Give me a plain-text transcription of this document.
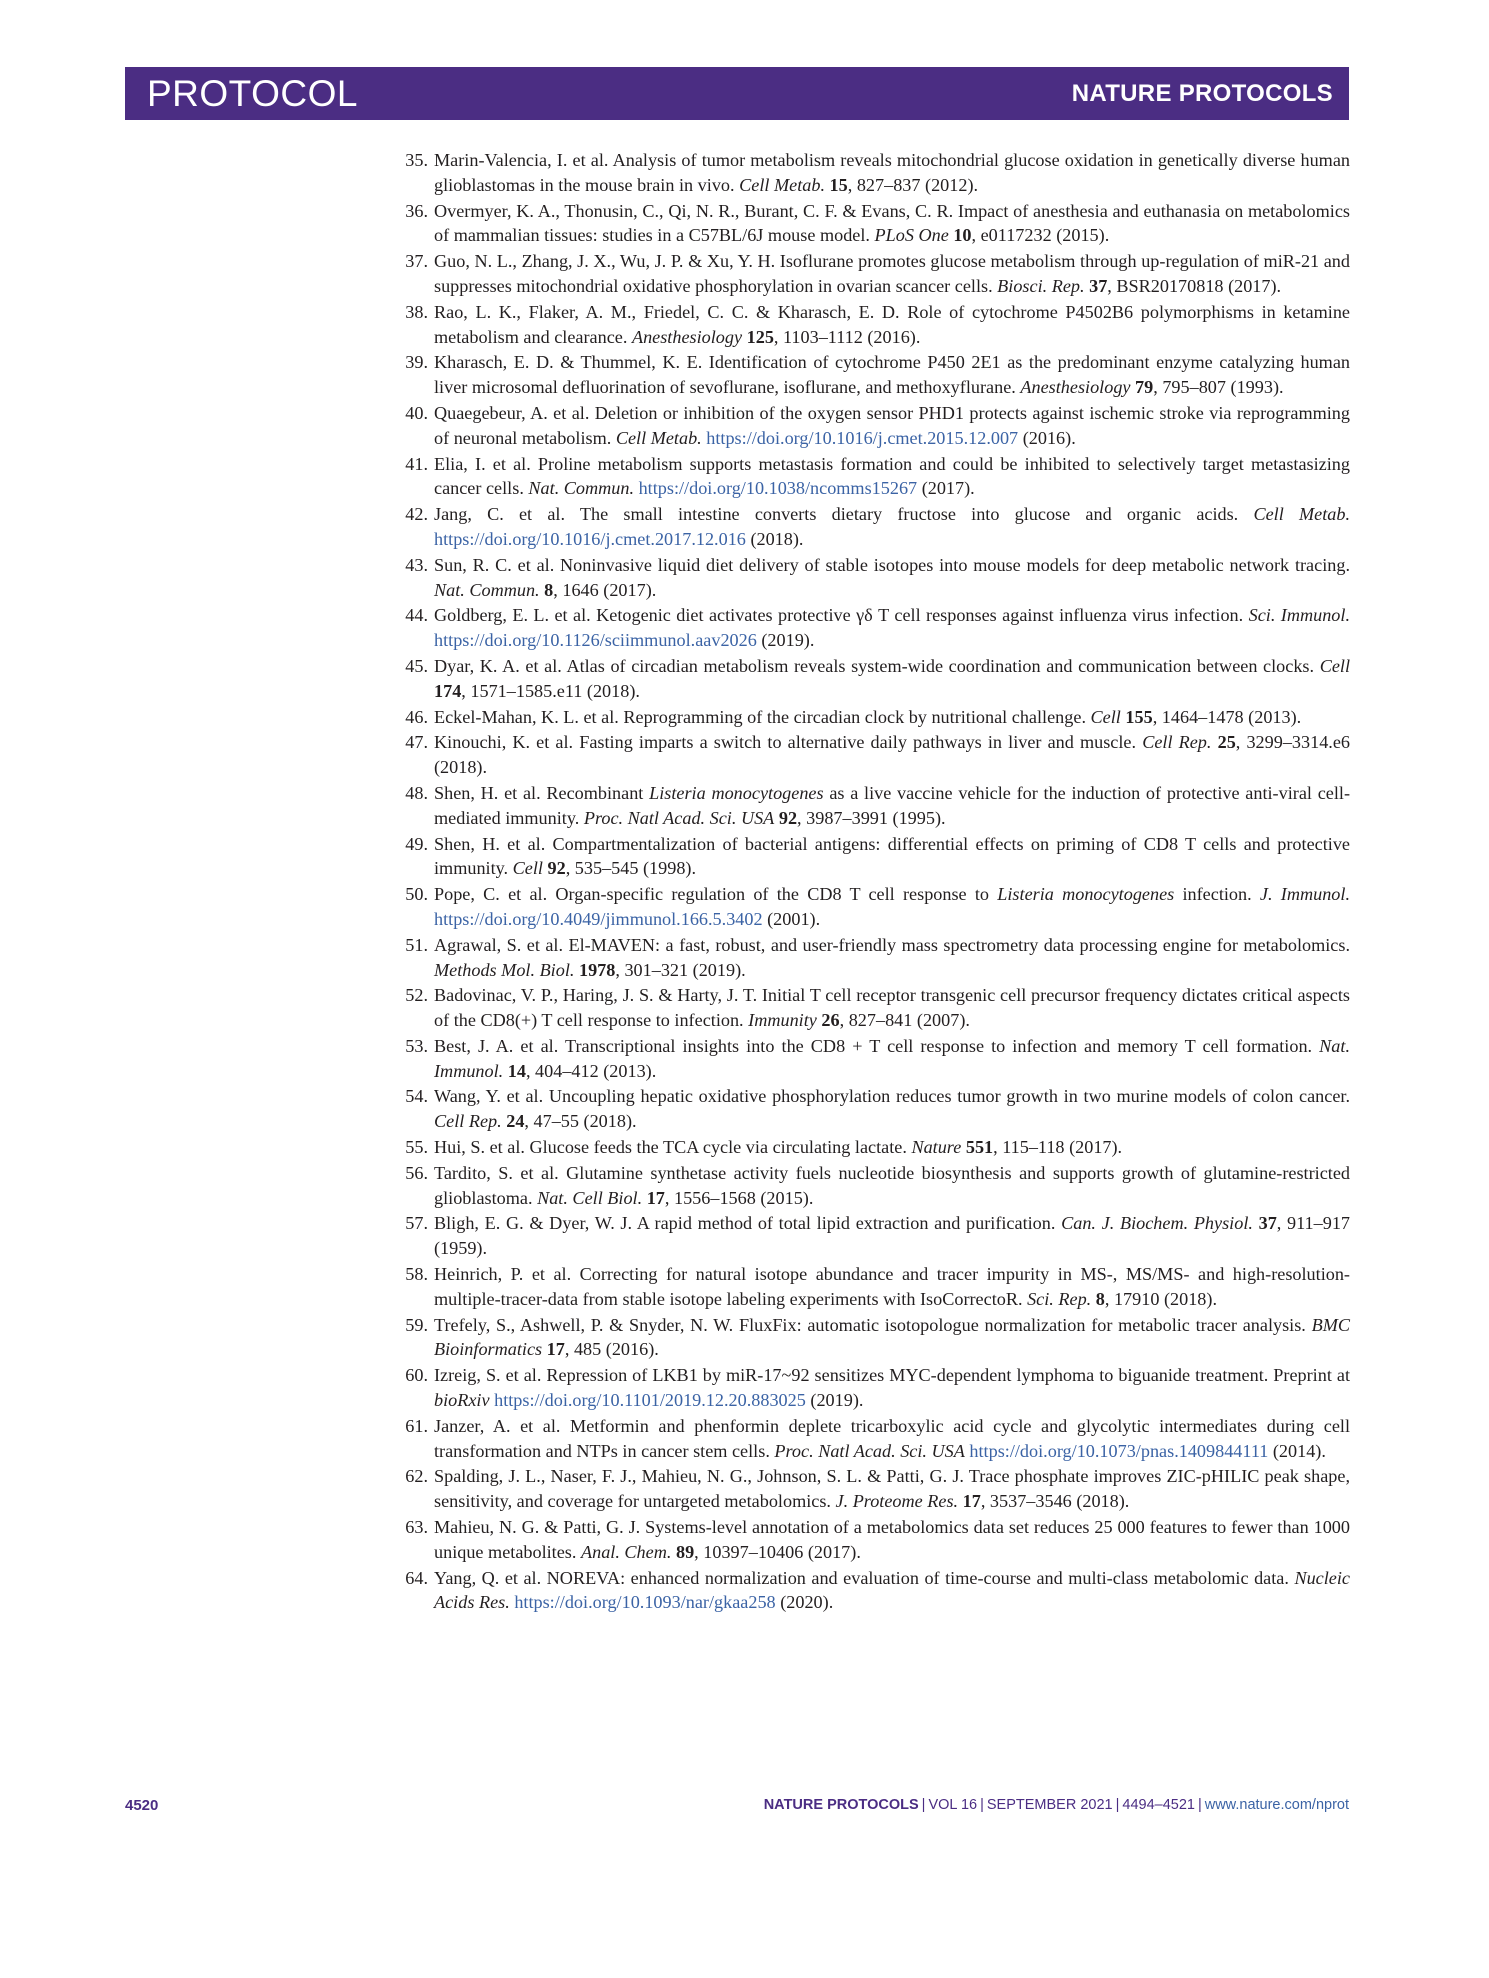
PROTOCOL	NATURE PROTOCOLS
35. Marin-Valencia, I. et al. Analysis of tumor metabolism reveals mitochondrial glucose oxidation in genetically diverse human glioblastomas in the mouse brain in vivo. Cell Metab. 15, 827–837 (2012).
36. Overmyer, K. A., Thonusin, C., Qi, N. R., Burant, C. F. & Evans, C. R. Impact of anesthesia and euthanasia on metabolomics of mammalian tissues: studies in a C57BL/6J mouse model. PLoS One 10, e0117232 (2015).
37. Guo, N. L., Zhang, J. X., Wu, J. P. & Xu, Y. H. Isoflurane promotes glucose metabolism through up-regulation of miR-21 and suppresses mitochondrial oxidative phosphorylation in ovarian scancer cells. Biosci. Rep. 37, BSR20170818 (2017).
38. Rao, L. K., Flaker, A. M., Friedel, C. C. & Kharasch, E. D. Role of cytochrome P4502B6 polymorphisms in ketamine metabolism and clearance. Anesthesiology 125, 1103–1112 (2016).
39. Kharasch, E. D. & Thummel, K. E. Identification of cytochrome P450 2E1 as the predominant enzyme catalyzing human liver microsomal defluorination of sevoflurane, isoflurane, and methoxyflurane. Anesthesiology 79, 795–807 (1993).
40. Quaegebeur, A. et al. Deletion or inhibition of the oxygen sensor PHD1 protects against ischemic stroke via reprogramming of neuronal metabolism. Cell Metab. https://doi.org/10.1016/j.cmet.2015.12.007 (2016).
41. Elia, I. et al. Proline metabolism supports metastasis formation and could be inhibited to selectively target metastasizing cancer cells. Nat. Commun. https://doi.org/10.1038/ncomms15267 (2017).
42. Jang, C. et al. The small intestine converts dietary fructose into glucose and organic acids. Cell Metab. https://doi.org/10.1016/j.cmet.2017.12.016 (2018).
43. Sun, R. C. et al. Noninvasive liquid diet delivery of stable isotopes into mouse models for deep metabolic network tracing. Nat. Commun. 8, 1646 (2017).
44. Goldberg, E. L. et al. Ketogenic diet activates protective γδ T cell responses against influenza virus infection. Sci. Immunol. https://doi.org/10.1126/sciimmunol.aav2026 (2019).
45. Dyar, K. A. et al. Atlas of circadian metabolism reveals system-wide coordination and communication between clocks. Cell 174, 1571–1585.e11 (2018).
46. Eckel-Mahan, K. L. et al. Reprogramming of the circadian clock by nutritional challenge. Cell 155, 1464–1478 (2013).
47. Kinouchi, K. et al. Fasting imparts a switch to alternative daily pathways in liver and muscle. Cell Rep. 25, 3299–3314.e6 (2018).
48. Shen, H. et al. Recombinant Listeria monocytogenes as a live vaccine vehicle for the induction of protective anti-viral cell-mediated immunity. Proc. Natl Acad. Sci. USA 92, 3987–3991 (1995).
49. Shen, H. et al. Compartmentalization of bacterial antigens: differential effects on priming of CD8 T cells and protective immunity. Cell 92, 535–545 (1998).
50. Pope, C. et al. Organ-specific regulation of the CD8 T cell response to Listeria monocytogenes infection. J. Immunol. https://doi.org/10.4049/jimmunol.166.5.3402 (2001).
51. Agrawal, S. et al. El-MAVEN: a fast, robust, and user-friendly mass spectrometry data processing engine for metabolomics. Methods Mol. Biol. 1978, 301–321 (2019).
52. Badovinac, V. P., Haring, J. S. & Harty, J. T. Initial T cell receptor transgenic cell precursor frequency dictates critical aspects of the CD8(+) T cell response to infection. Immunity 26, 827–841 (2007).
53. Best, J. A. et al. Transcriptional insights into the CD8 + T cell response to infection and memory T cell formation. Nat. Immunol. 14, 404–412 (2013).
54. Wang, Y. et al. Uncoupling hepatic oxidative phosphorylation reduces tumor growth in two murine models of colon cancer. Cell Rep. 24, 47–55 (2018).
55. Hui, S. et al. Glucose feeds the TCA cycle via circulating lactate. Nature 551, 115–118 (2017).
56. Tardito, S. et al. Glutamine synthetase activity fuels nucleotide biosynthesis and supports growth of glutamine-restricted glioblastoma. Nat. Cell Biol. 17, 1556–1568 (2015).
57. Bligh, E. G. & Dyer, W. J. A rapid method of total lipid extraction and purification. Can. J. Biochem. Physiol. 37, 911–917 (1959).
58. Heinrich, P. et al. Correcting for natural isotope abundance and tracer impurity in MS-, MS/MS- and high-resolution-multiple-tracer-data from stable isotope labeling experiments with IsoCorrectoR. Sci. Rep. 8, 17910 (2018).
59. Trefely, S., Ashwell, P. & Snyder, N. W. FluxFix: automatic isotopologue normalization for metabolic tracer analysis. BMC Bioinformatics 17, 485 (2016).
60. Izreig, S. et al. Repression of LKB1 by miR-17~92 sensitizes MYC-dependent lymphoma to biguanide treatment. Preprint at bioRxiv https://doi.org/10.1101/2019.12.20.883025 (2019).
61. Janzer, A. et al. Metformin and phenformin deplete tricarboxylic acid cycle and glycolytic intermediates during cell transformation and NTPs in cancer stem cells. Proc. Natl Acad. Sci. USA https://doi.org/10.1073/pnas.1409844111 (2014).
62. Spalding, J. L., Naser, F. J., Mahieu, N. G., Johnson, S. L. & Patti, G. J. Trace phosphate improves ZIC-pHILIC peak shape, sensitivity, and coverage for untargeted metabolomics. J. Proteome Res. 17, 3537–3546 (2018).
63. Mahieu, N. G. & Patti, G. J. Systems-level annotation of a metabolomics data set reduces 25 000 features to fewer than 1000 unique metabolites. Anal. Chem. 89, 10397–10406 (2017).
64. Yang, Q. et al. NOREVA: enhanced normalization and evaluation of time-course and multi-class metabolomic data. Nucleic Acids Res. https://doi.org/10.1093/nar/gkaa258 (2020).
4520	NATURE PROTOCOLS | VOL 16 | SEPTEMBER 2021 | 4494–4521 | www.nature.com/nprot
